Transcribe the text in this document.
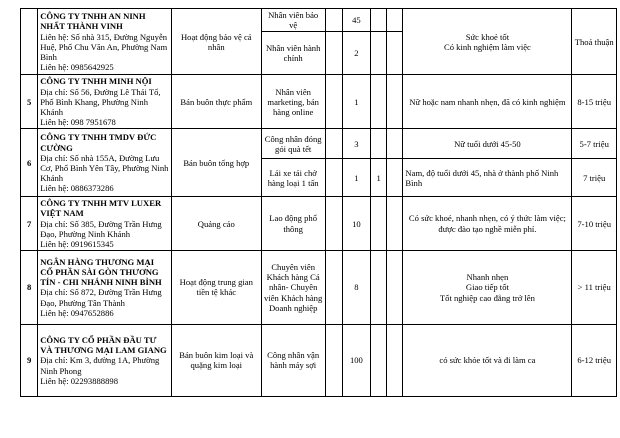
	CÔNG TY TNHH AN NINH NHẤT THÀNH VINH
Liên hệ: Số nhà 315, Đường Nguyễn Huệ, Phố Chu Văn An, Phường Nam Bình
Liên hệ: 0985642925	Hoạt động bảo vệ cá nhân	Nhân viên bảo vệ		45			Sức khoẻ tốt
Có kinh nghiệm làm việc	Thoả thuận
			Nhân viên hành chính		2				
5	CÔNG TY TNHH MINH NỘI
Địa chỉ: Số 56, Đường Lê Thái Tổ, Phố Bình Khang, Phường Ninh Khánh
Liên hệ: 098 7951678	Bán buôn thực phẩm	Nhân viên marketing, bán hàng online		1			Nữ hoặc nam nhanh nhẹn, đã có kinh nghiệm	8-15 triệu
6	CÔNG TY TNHH TMDV ĐỨC CƯỜNG
Địa chỉ: Số nhà 155A, Đường Lưu Cơ, Phố Bình Yên Tây, Phường Ninh Khánh
Liên hệ: 0886373286	Bán buôn tổng hợp	Công nhân đóng gói quà tết		3			Nữ tuổi dưới 45-50	5-7 triệu
			Lái xe tải chở hàng loại 1 tấn		1	1		Nam, độ tuổi dưới 45, nhà ở thành phố Ninh Bình	7 triệu
7	CÔNG TY TNHH MTV LUXER VIỆT NAM
Địa chỉ: Số 385, Đường Trần Hưng Đạo, Phường Ninh Khánh
Liên hệ: 0919615345	Quảng cáo	Lao động phổ thông		10			Có sức khoẻ, nhanh nhẹn, có ý thức làm việc; được đào tạo nghề miễn phí.	7-10 triệu
8	NGÂN HÀNG THƯƠNG MẠI CỔ PHẦN SÀI GÒN THƯƠNG TÍN - CHI NHÁNH NINH BÌNH
Địa chỉ: Số 872, Đường Trần Hưng Đạo, Phường Tân Thành
Liên hệ: 0947652886	Hoạt động trung gian tiền tệ khác	Chuyên viên Khách hàng Cá nhân- Chuyên viên Khách hàng Doanh nghiệp		8			Nhanh nhẹn
Giao tiếp tốt
Tốt nghiệp cao đẳng trở lên	> 11 triệu
9	CÔNG TY CỔ PHẦN ĐẦU TƯ VÀ THƯƠNG MẠI LAM GIANG
Địa chỉ: Km 3, đường 1A, Phường Ninh Phong
Liên hệ: 02293888898	Bán buôn kim loại và quặng kim loại	Công nhân vận hành máy sợi		100			có sức khỏe tốt và đi làm ca	6-12 triệu
